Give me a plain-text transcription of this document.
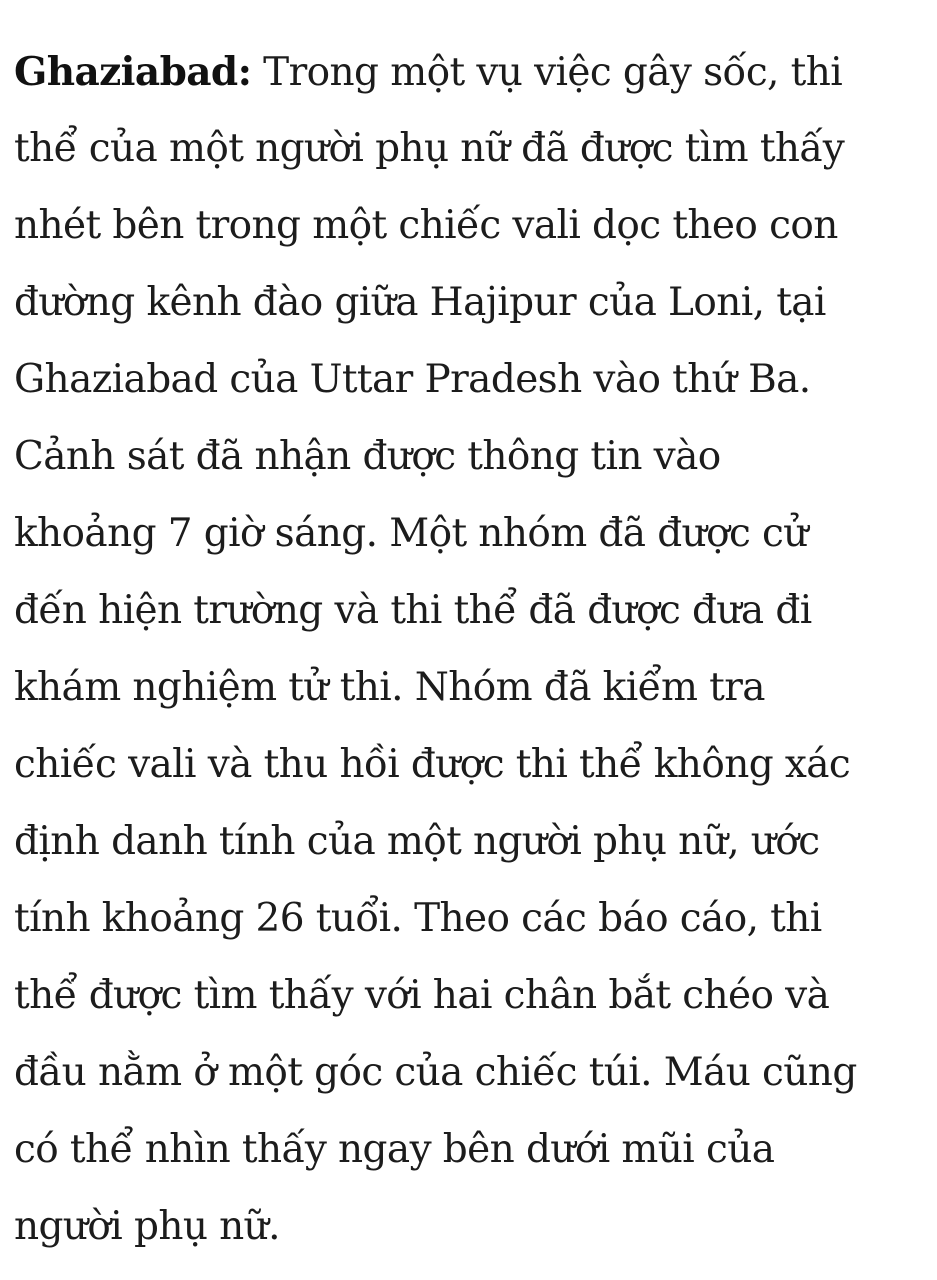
Ghaziabad: Trong một vụ việc gây sốc, thi
thể của một người phụ nữ đã được tìm thấy
nhét bên trong một chiếc vali dọc theo con
đường kênh đào giữa Hajipur của Loni, tại
Ghaziabad của Uttar Pradesh vào thứ Ba.
Cảnh sát đã nhận được thông tin vào
khoảng 7 giờ sáng. Một nhóm đã được cử
đến hiện trường và thi thể đã được đưa đi
khám nghiệm tử thi. Nhóm đã kiểm tra
chiếc vali và thu hồi được thi thể không xác
định danh tính của một người phụ nữ, ước
tính khoảng 26 tuổi. Theo các báo cáo, thi
thể được tìm thấy với hai chân bắt chéo và
đầu nằm ở một góc của chiếc túi. Máu cũng
có thể nhìn thấy ngay bên dưới mũi của
người phụ nữ.
